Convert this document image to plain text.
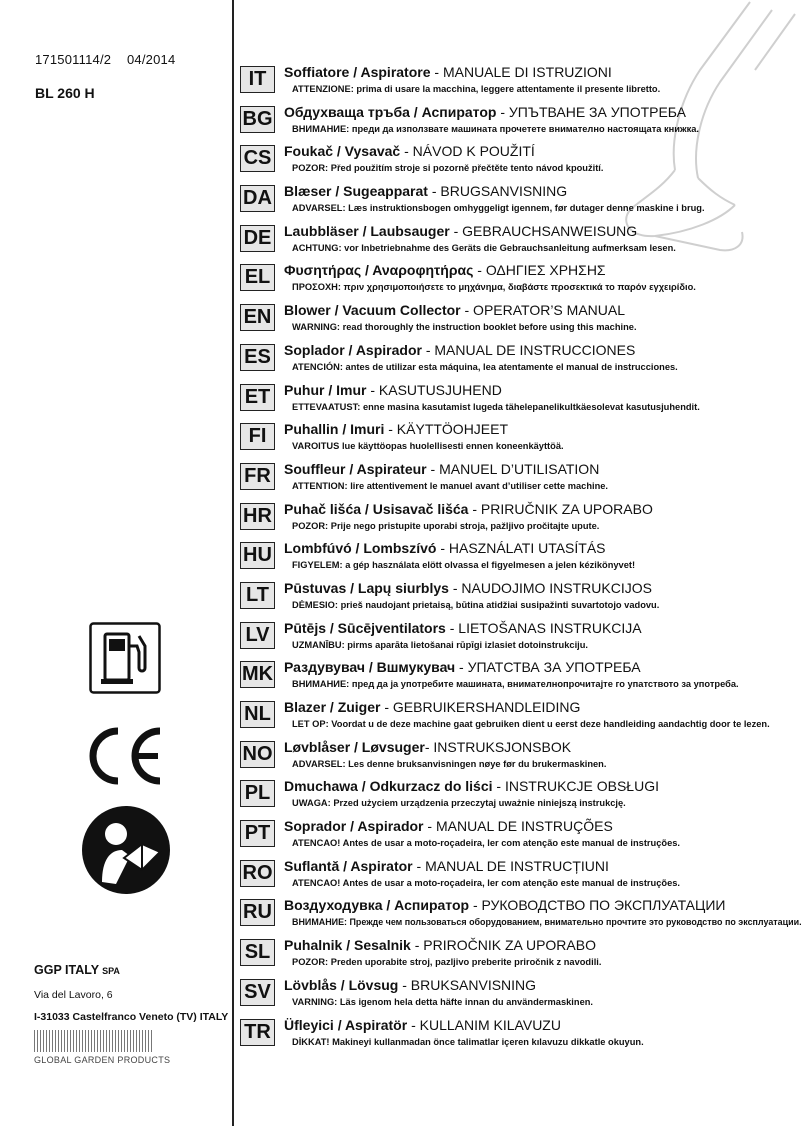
171501114/2 04/2014
BL 260 H
GGP ITALY SPA
Via del Lavoro, 6
I-31033 Castelfranco Veneto (TV) ITALY
GLOBAL GARDEN PRODUCTS
IT	Soffiatore / Aspiratore - MANUALE DI ISTRUZIONI
ATTENZIONE: prima di usare la macchina, leggere attentamente il presente libretto.
BG Обдухваща тръба / Аспиратор - УПЪТВАНЕ ЗА УПОТРЕБА
ВНИМАНИЕ: преди да използвате машината прочетете внимателно настоящата книжка.
CS Foukač / Vysavač - NÁVOD K POUŽITÍ
POZOR: Před použitím stroje si pozorně přečtěte tento návod kpoužití.
DA Blæser / Sugeapparat - BRUGSANVISNING
ADVARSEL: Læs instruktionsbogen omhyggeligt igennem, før dutager denne maskine i brug.
DE Laubbläser / Laubsauger - GEBRAUCHSANWEISUNG
ACHTUNG: vor Inbetriebnahme des Geräts die Gebrauchsanleitung aufmerksam lesen.
EL Φυσητήρας / Αναροφητήρας - ΟΔΗΓΙΕΣ ΧΡΗΣΗΣ
ΠΡΟΣΟΧΗ: πριν χρησιμοποιήσετε το μηχάνημα, διαβάστε προσεκτικά το παρόν εγχειρίδιο.
EN Blower / Vacuum Collector - OPERATOR’S MANUAL
WARNING: read thoroughly the instruction booklet before using this machine.
ES Soplador / Aspirador - MANUAL DE INSTRUCCIONES
ATENCIÓN: antes de utilizar esta máquina, lea atentamente el manual de instrucciones.
ET Puhur / Imur - KASUTUSJUHEND
ETTEVAATUST: enne masina kasutamist lugeda tähelepanelikultkäesolevat kasutusjuhendit.
FI	Puhallin / Imuri - KÄYTTÖOHJEET
VAROITUS lue käyttöopas huolellisesti ennen koneenkäyttöä.
FR Souffleur / Aspirateur - MANUEL D’UTILISATION
ATTENTION: lire attentivement le manuel avant d’utiliser cette machine.
HR Puhač lišća / Usisavač lišća - PRIRUČNIK ZA UPORABO
POZOR: Prije nego pristupite uporabi stroja, pažljivo pročitajte upute.
HU Lombfúvó / Lombszívó - HASZNÁLATI UTASÍTÁS
FIGYELEM: a gép használata elött olvassa el figyelmesen a jelen kézikönyvet!
LT	Pūstuvas / Lapų siurblys - NAUDOJIMO INSTRUKCIJOS
DĖMESIO: prieš naudojant prietaisą, būtina atidžiai susipažinti suvartotojo vadovu.
LV	Pūtējs / Sūcējventilators - LIETOŠANAS INSTRUKCIJA
UZMANĪBU: pirms aparāta lietošanai rūpīgi izlasiet dotoinstrukciju.
MK Раздувувач / Вшмукувач - УПАТСТВА ЗА УПОТРЕБА
ВНИМАНИЕ: пред да ја употребите машината, внимателнопрочитајте го упатството за употреба.
NL Blazer / Zuiger - GEBRUIKERSHANDLEIDING
LET OP: Voordat u de deze machine gaat gebruiken dient u eerst deze handleiding aandachtig door te lezen.
NO Løvblåser / Løvsuger- INSTRUKSJONSBOK
ADVARSEL: Les denne bruksanvisningen nøye før du brukermaskinen.
PL Dmuchawa / Odkurzacz do liści - INSTRUKCJE OBSŁUGI
UWAGA: Przed użyciem urządzenia przeczytaj uważnie niniejszą instrukcję.
PT Soprador / Aspirador - MANUAL DE INSTRUÇÕES
ATENCAO! Antes de usar a moto-roçadeira, ler com atenção este manual de instruções.
RO Suflantă / Aspirator - MANUAL DE INSTRUCȚIUNI
ATENCAO! Antes de usar a moto-roçadeira, ler com atenção este manual de instruções.
RU Воздуходувка / Аспиратор - РУКОВОДСТВО ПО ЭКСПЛУАТАЦИИ
ВНИМАНИЕ: Прежде чем пользоваться оборудованием, внимательно прочтите это руководство по эксплуатации.
SL Puhalnik / Sesalnik - PRIROČNIK ZA UPORABO
POZOR: Preden uporabite stroj, pazljivo preberite priročnik z navodili.
SV Lövblås / Lövsug - BRUKSANVISNING
VARNING: Läs igenom hela detta häfte innan du användermaskinen.
TR Üfleyici / Aspiratör - KULLANIM KILAVUZU
DİKKAT! Makineyi kullanmadan önce talimatlar içeren kılavuzu dikkatle okuyun.
